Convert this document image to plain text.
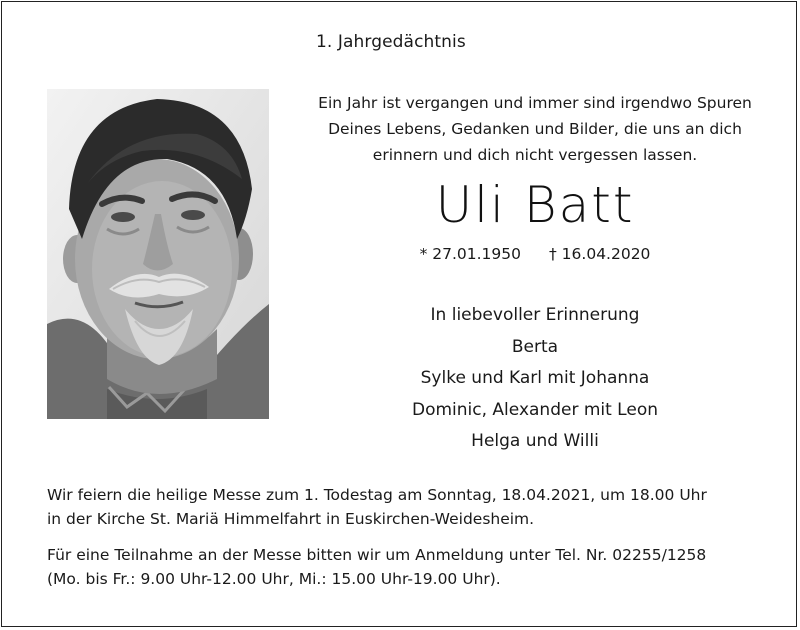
1. Jahrgedächtnis
Ein Jahr ist vergangen und immer sind irgendwo Spuren
Deines Lebens, Gedanken und Bilder, die uns an dich
erinnern und dich nicht vergessen lassen.
Uli Batt
* 27.01.1950 † 16.04.2020
In liebevoller Erinnerung
Berta
Sylke und Karl mit Johanna
Dominic, Alexander mit Leon
Helga und Willi
Wir feiern die heilige Messe zum 1. Todestag am Sonntag, 18.04.2021, um 18.00 Uhr
in der Kirche St. Mariä Himmelfahrt in Euskirchen-Weidesheim.
Für eine Teilnahme an der Messe bitten wir um Anmeldung unter Tel. Nr. 02255/1258
(Mo. bis Fr.: 9.00 Uhr-12.00 Uhr, Mi.: 15.00 Uhr-19.00 Uhr).
